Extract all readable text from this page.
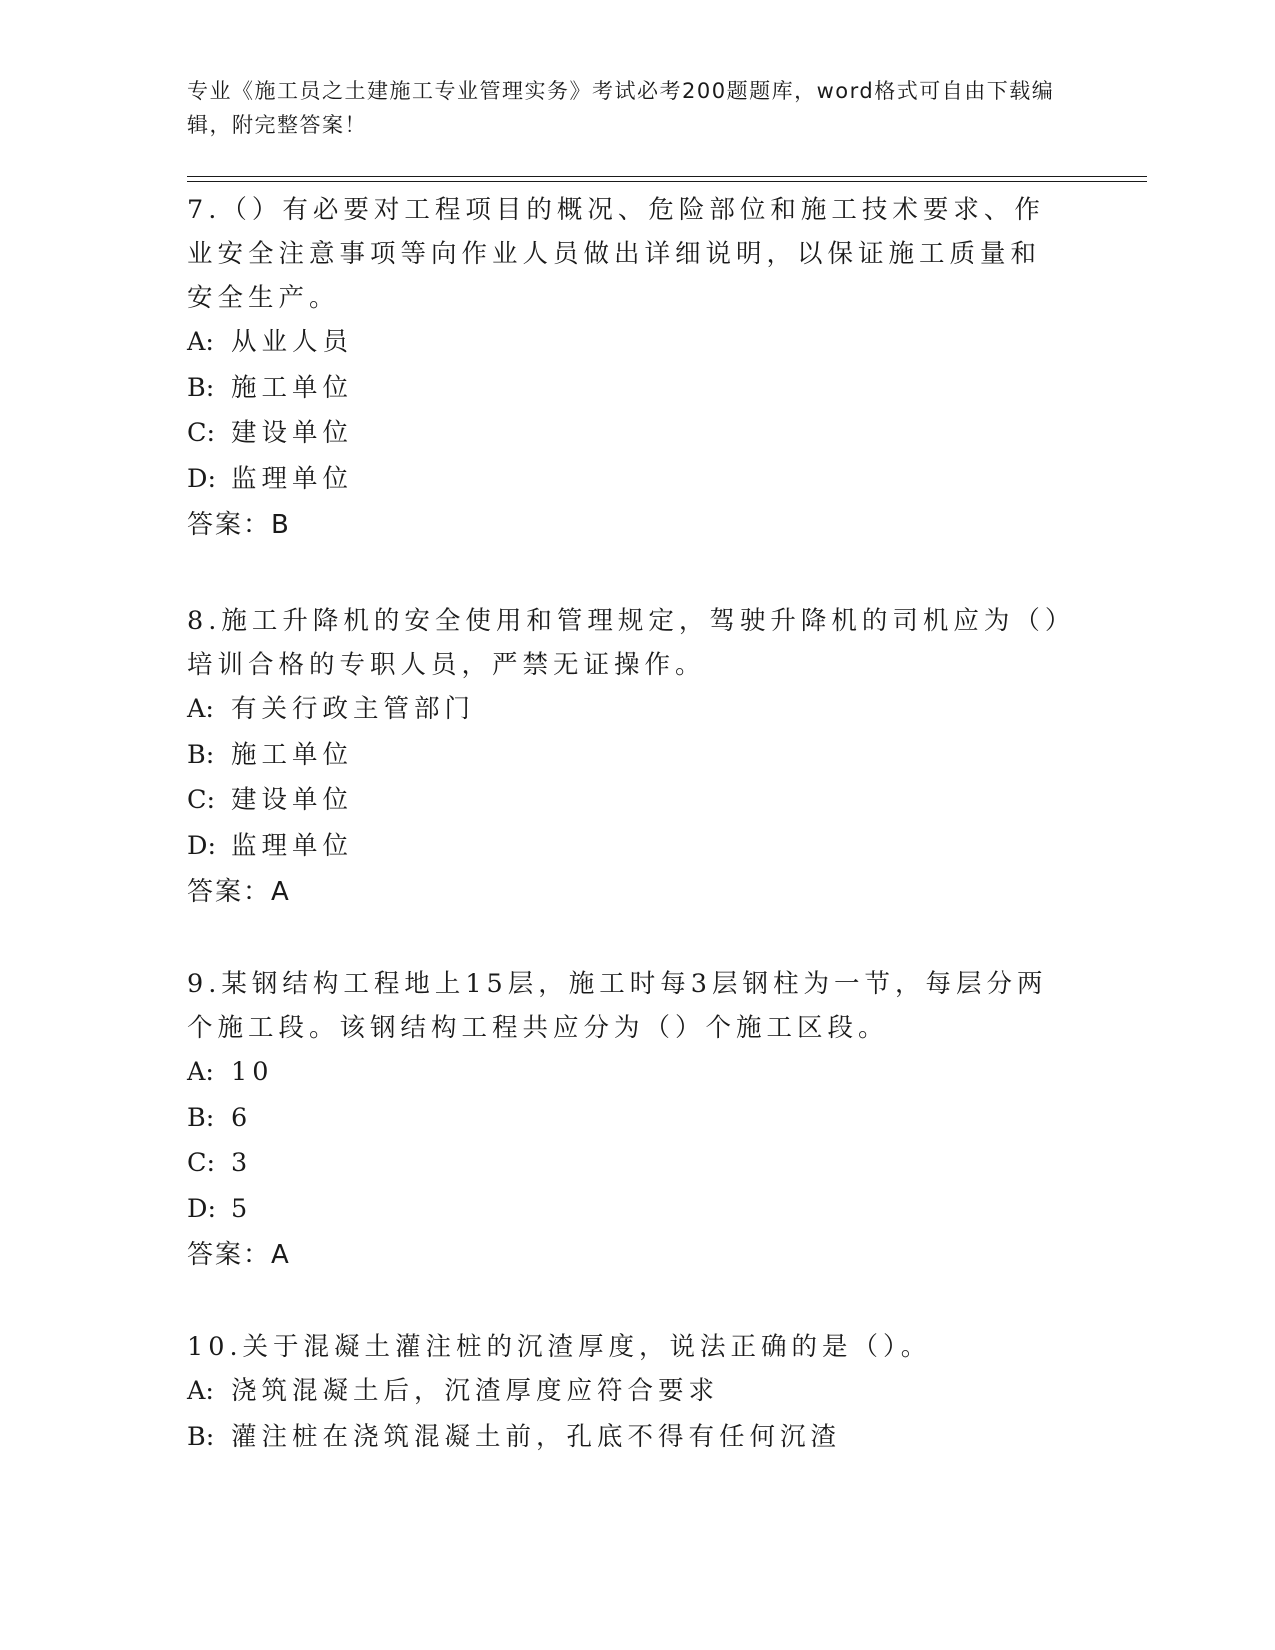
专业《施工员之土建施工专业管理实务》考试必考200题题库，word格式可自由下载编辑，附完整答案！

7.（）有必要对工程项目的概况、危险部位和施工技术要求、作业安全注意事项等向作业人员做出详细说明，以保证施工质量和安全生产。

A: 从业人员
B: 施工单位
C: 建设单位
D: 监理单位

答案：B

8.施工升降机的安全使用和管理规定，驾驶升降机的司机应为（）培训合格的专职人员，严禁无证操作。

A: 有关行政主管部门
B: 施工单位
C: 建设单位
D: 监理单位

答案：A

9.某钢结构工程地上15层，施工时每3层钢柱为一节，每层分两个施工段。该钢结构工程共应分为（）个施工区段。

A: 10
B: 6
C: 3
D: 5

答案：A

10.关于混凝土灌注桩的沉渣厚度，说法正确的是（）。

A: 浇筑混凝土后，沉渣厚度应符合要求
B: 灌注桩在浇筑混凝土前，孔底不得有任何沉渣
